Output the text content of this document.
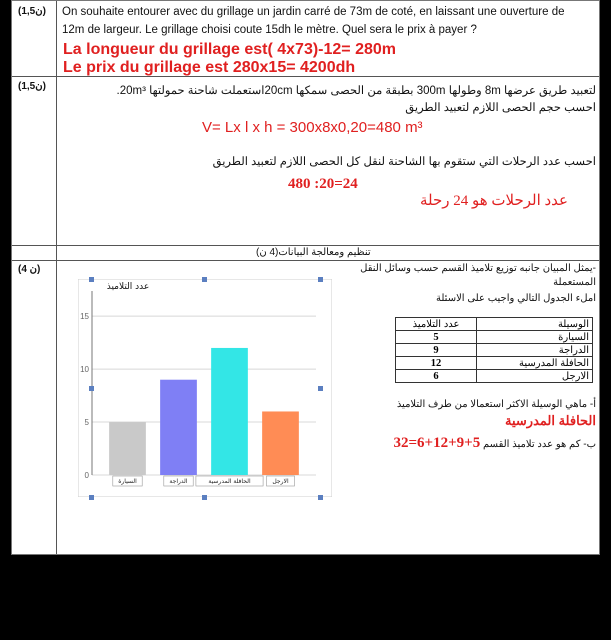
(ن1,5) On souhaite entourer avec du grillage un jardin carré de 73m de coté, en laissant une ouverture de
12m de largeur. Le grillage choisi coute 15dh le mètre. Quel sera le prix à payer ?
La longueur du grillage est( 4x73)-12= 280m
Le prix du grillage est 280x15= 4200dh
(ن1,5)	لتعبيد طريق عرضها 8m وطولها 300m بطبقة من الحصى سمكها 20cmاستعملت شاحنة حمولتها 20m³.
احسب حجم الحصى اللازم لتعبيد الطريق
V= Lx l x h = 300x8x0,20=480 m³
احسب عدد الرحلات التي ستقوم بها الشاحنة لنقل كل الحصى اللازم لتعبيد الطريق
480 :20=24
عدد الرحلات هو 24 رحلة
تنظيم ومعالجة البيانات(4 ن)
(ن 4)	-يمثل المبيان جانبه توزيع تلاميذ القسم حسب وسائل النقل
المستعملة
املء الجدول التالي واجيب على الاسئلة
الوسيلة	عدد التلاميذ
السيارة	5
الدراجة	9
الحافلة المدرسية	12
الارجل	6
أ- ماهي الوسيلة الاكثر استعمالا من طرف التلاميذ
الحافلة المدرسية
ب- كم هو عدد تلاميذ القسم 5+9+12+6=32
0
5
10
15
عدد التلاميذ
السيارة	الدراجة	الحافلة المدرسية	الارجل
